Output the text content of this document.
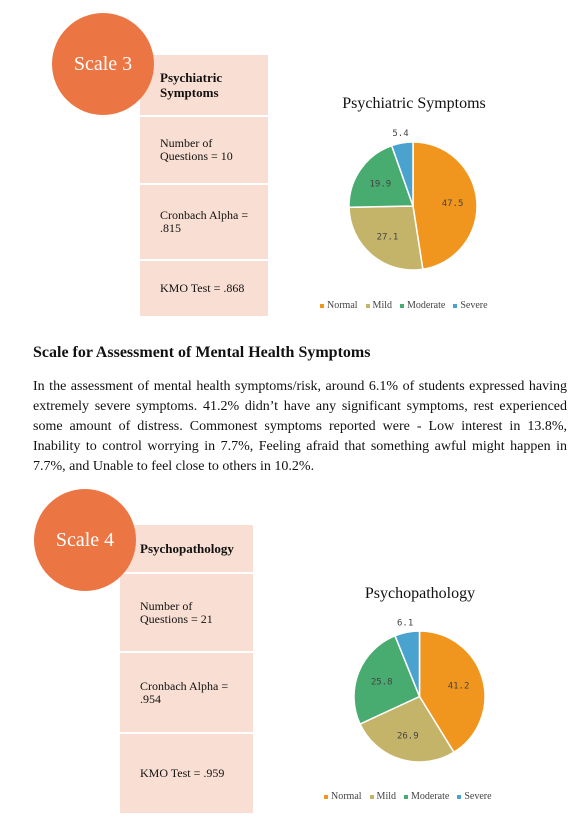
Scale 3
Psychiatric
Symptoms
Number of
Questions = 10
Cronbach Alpha =
.815
KMO Test = .868
Psychiatric Symptoms
47.5
27.1
19.9
5.4
Normal Mild Moderate Severe
Scale for Assessment of Mental Health Symptoms
In the assessment of mental health symptoms/risk, around 6.1% of students expressed having extremely severe symptoms. 41.2% didn’t have any significant symptoms, rest experienced some amount of distress. Commonest symptoms reported were - Low interest in 13.8%, Inability to control worrying in 7.7%, Feeling afraid that something awful might happen in 7.7%, and Unable to feel close to others in 10.2%.
Scale 4	Psychopathology
Number of
Questions = 21
Cronbach Alpha =
.954
KMO Test = .959
Psychopathology
41.2
26.9
25.8
6.1
Normal Mild Moderate Severe
